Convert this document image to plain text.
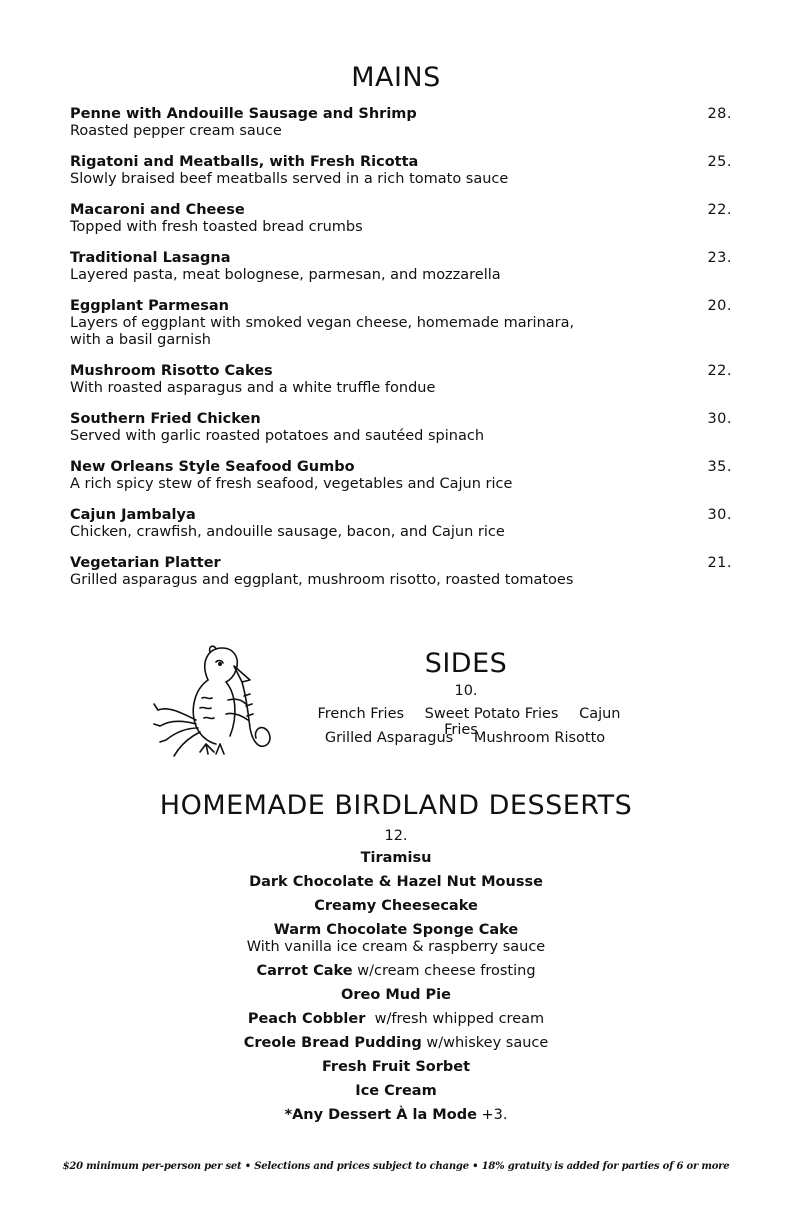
MAINS
Penne with Andouille Sausage and Shrimp
Roasted pepper cream sauce
28.
Rigatoni and Meatballs, with Fresh Ricotta
Slowly braised beef meatballs served in a rich tomato sauce
25.
Macaroni and Cheese
Topped with fresh toasted bread crumbs
22.
Traditional Lasagna
Layered pasta, meat bolognese, parmesan, and mozzarella
23.
Eggplant Parmesan
Layers of eggplant with smoked vegan cheese, homemade marinara, with a basil garnish
20.
Mushroom Risotto Cakes
With roasted asparagus and a white truffle fondue
22.
Southern Fried Chicken
Served with garlic roasted potatoes and sautéed spinach
30.
New Orleans Style Seafood Gumbo
A rich spicy stew of fresh seafood, vegetables and Cajun rice
35.
Cajun Jambalya
Chicken, crawfish, andouille sausage, bacon, and Cajun rice
30.
Vegetarian Platter
Grilled asparagus and eggplant, mushroom risotto, roasted tomatoes
21.
SIDES
10.
French Fries Sweet Potato Fries Cajun Fries
Grilled Asparagus Mushroom Risotto
HOMEMADE BIRDLAND DESSERTS
12.
Tiramisu
Dark Chocolate & Hazel Nut Mousse
Creamy Cheesecake
Warm Chocolate Sponge Cake
With vanilla ice cream & raspberry sauce
Carrot Cake w/cream cheese frosting
Oreo Mud Pie
Peach Cobbler w/fresh whipped cream
Creole Bread Pudding w/whiskey sauce
Fresh Fruit Sorbet
Ice Cream
*Any Dessert À la Mode +3.
$20 minimum per-person per set • Selections and prices subject to change • 18% gratuity is added for parties of 6 or more
